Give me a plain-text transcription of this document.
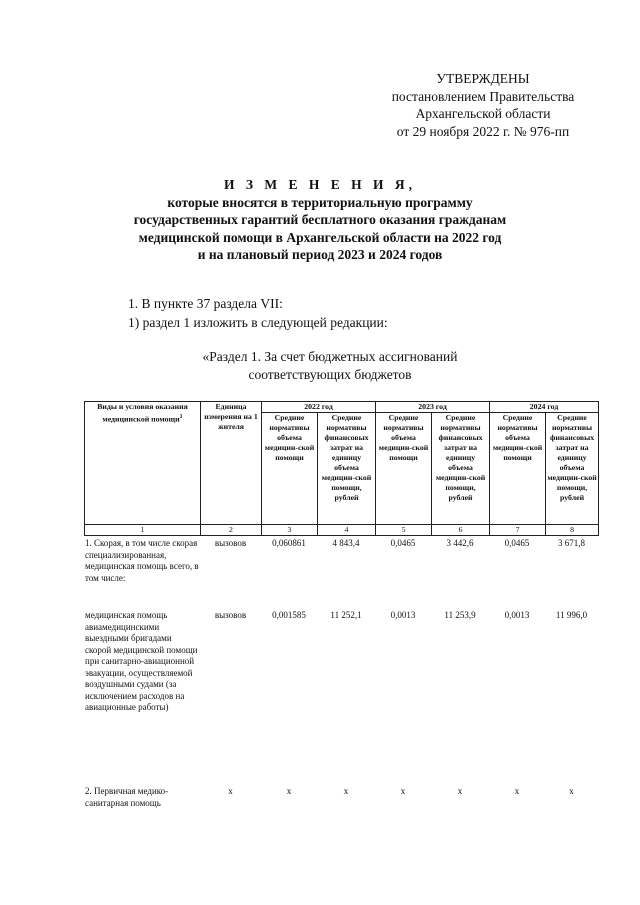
УТВЕРЖДЕНЫ
постановлением Правительства
Архангельской области
от 29 ноября 2022 г. № 976-пп
И З М Е Н Е Н И Я,
которые вносятся в территориальную программу
государственных гарантий бесплатного оказания гражданам
медицинской помощи в Архангельской области на 2022 год
и на плановый период 2023 и 2024 годов
1. В пункте 37 раздела VII:
1) раздел 1 изложить в следующей редакции:
«Раздел 1. За счет бюджетных ассигнований
соответствующих бюджетов
Виды и условия оказания медицинской помощи$^1$	Единица измерения на 1 жителя	2022 год		2023 год		2024 год	
		Средние нормативы объема медицин-ской помощи	Средние нормативы финансовых затрат на единицу объема медицин-ской помощи, рублей	Средние нормативы объема медицин-ской помощи	Средние нормативы финансовых затрат на единицу объема медицин-ской помощи, рублей	Средние нормативы объема медицин-ской помощи	Средние нормативы финансовых затрат на единицу объема медицин-ской помощи, рублей
1	2	3	4	5	6	7	8
1. Скорая, в том числе скорая специализированная, медицинская помощь всего, в том числе:	вызовов	0,060861	4 843,4	0,0465	3 442,6	0,0465	3 671,8
медицинская помощь авиамедицинскими выездными бригадами скорой медицинской помощи при санитарно-авиационной эвакуации, осуществляемой воздушными судами (за исключением расходов на авиационные работы)	вызовов	0,001585	11 252,1	0,0013	11 253,9	0,0013	11 996,0
2. Первичная медико-санитарная помощь	х	х	х	х	х	х	х
